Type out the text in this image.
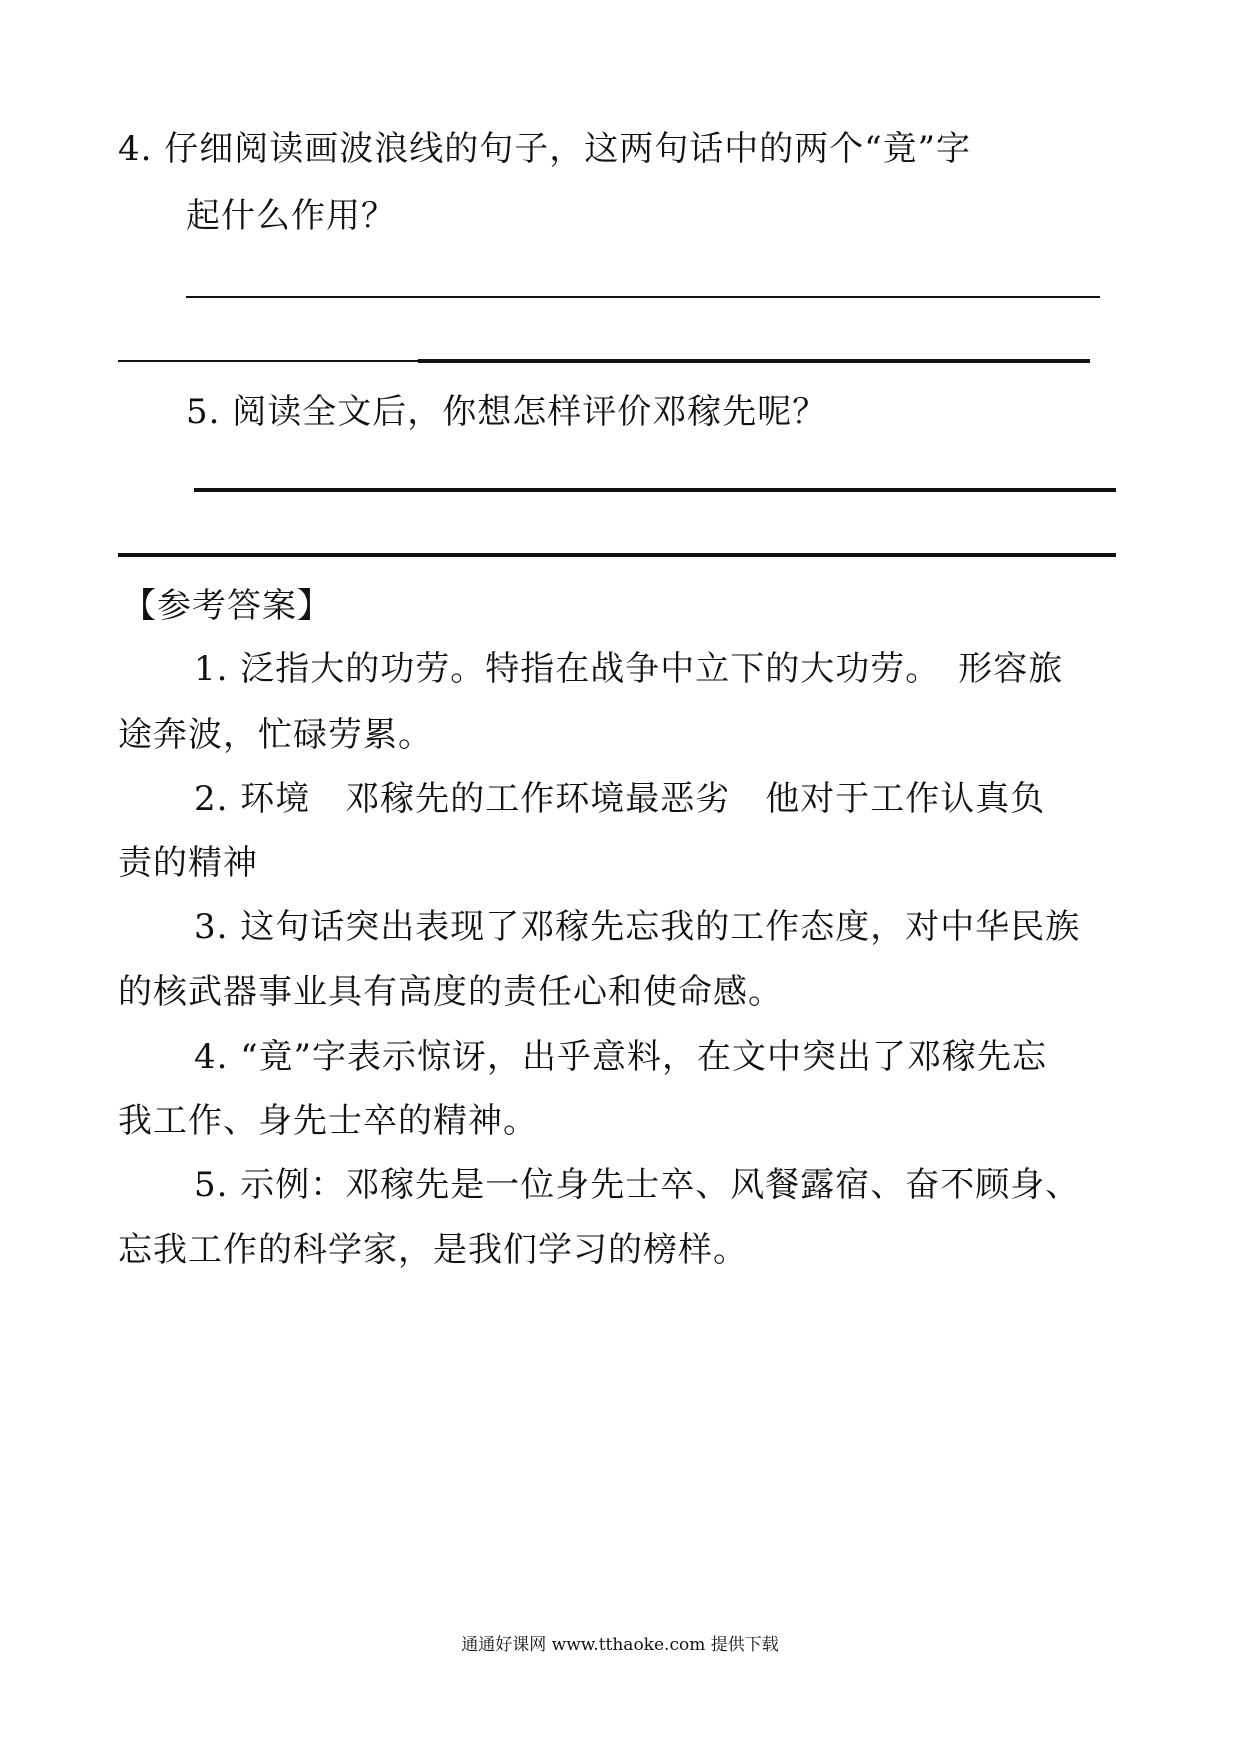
4. 仔细阅读画波浪线的句子，这两句话中的两个“竟”字
起什么作用？
5. 阅读全文后，你想怎样评价邓稼先呢？
【参考答案】
1. 泛指大的功劳。特指在战争中立下的大功劳。　形容旅
途奔波，忙碌劳累。
2. 环境　邓稼先的工作环境最恶劣　他对于工作认真负
责的精神
3. 这句话突出表现了邓稼先忘我的工作态度，对中华民族
的核武器事业具有高度的责任心和使命感。
4. “竟”字表示惊讶，出乎意料，在文中突出了邓稼先忘
我工作、身先士卒的精神。
5. 示例：邓稼先是一位身先士卒、风餐露宿、奋不顾身、
忘我工作的科学家，是我们学习的榜样。
通通好课网 www.tthaoke.com 提供下载
